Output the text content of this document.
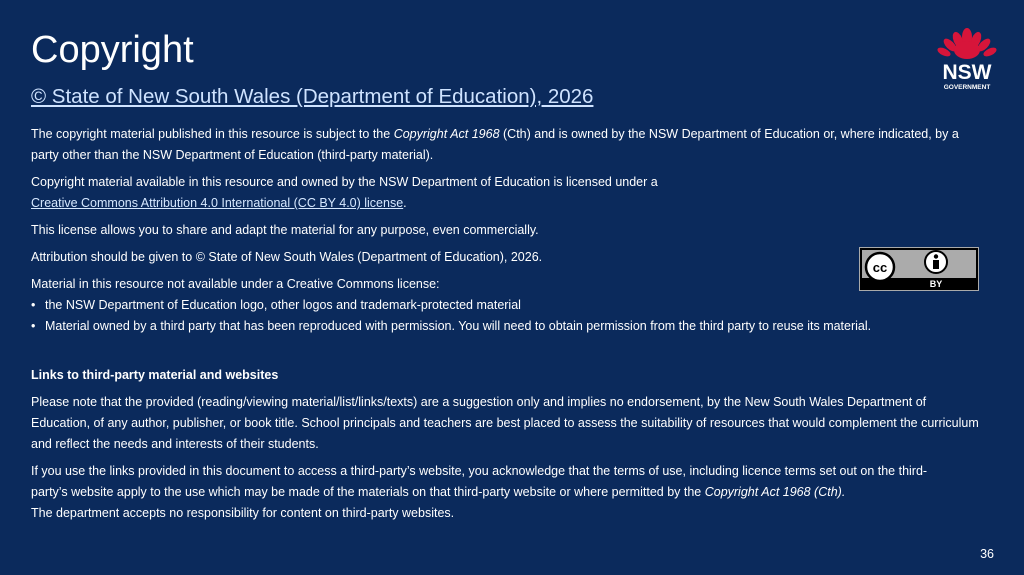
Copyright
© State of New South Wales (Department of Education), 2026
NSW
GOVERNMENT
cc
BY

The copyright material published in this resource is subject to the Copyright Act 1968 (Cth) and is owned by the NSW Department of Education or, where indicated, by a party other than the NSW Department of Education (third-party material).

Copyright material available in this resource and owned by the NSW Department of Education is licensed under a
Creative Commons Attribution 4.0 International (CC BY 4.0) license.

This license allows you to share and adapt the material for any purpose, even commercially.

Attribution should be given to © State of New South Wales (Department of Education), 2026.

Material in this resource not available under a Creative Commons license:

• the NSW Department of Education logo, other logos and trademark-protected material
• Material owned by a third party that has been reproduced with permission. You will need to obtain permission from the third party to reuse its material.

Links to third-party material and websites

Please note that the provided (reading/viewing material/list/links/texts) are a suggestion only and implies no endorsement, by the New South Wales Department of Education, of any author, publisher, or book title. School principals and teachers are best placed to assess the suitability of resources that would complement the curriculum and reflect the needs and interests of their students.

If you use the links provided in this document to access a third-party’s website, you acknowledge that the terms of use, including licence terms set out on the third-party’s website apply to the use which may be made of the materials on that third-party website or where permitted by the Copyright Act 1968 (Cth).
The department accepts no responsibility for content on third-party websites.

36
